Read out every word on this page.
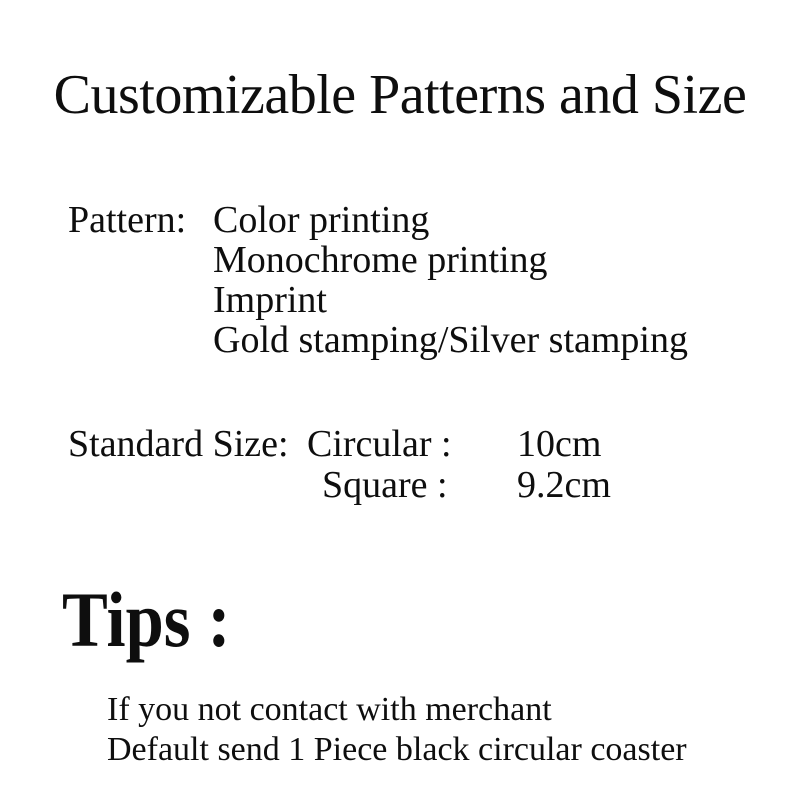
Customizable Patterns and Size
Pattern: Color printing
Monochrome printing
Imprint
Gold stamping/Silver stamping
Standard Size: Circular :	10cm
Square :	9.2cm
Tips :

If you not contact with merchant

Default send 1 Piece black circular coaster
